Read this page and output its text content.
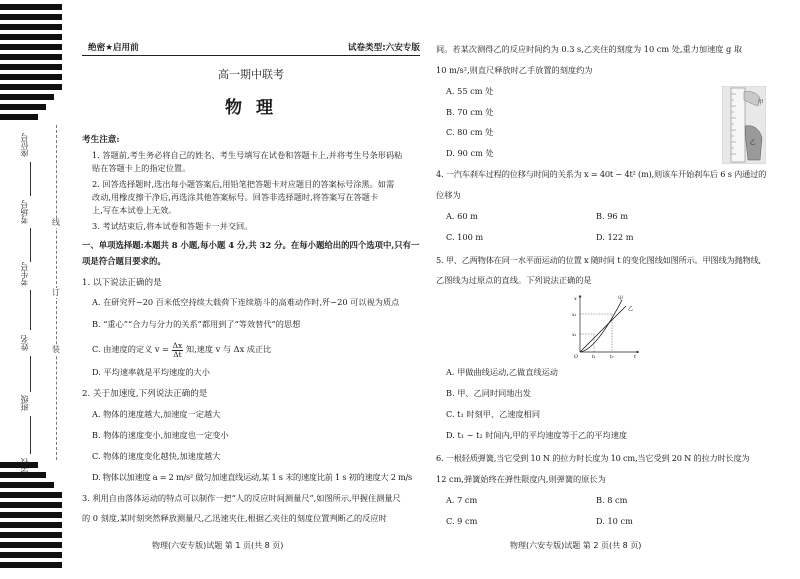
座位号
考场号
考生号
姓名
班级
学校
线
订
装
绝密★启用前	试卷类型:六安专版
高一期中联考
物 理
考生注意:
1. 答题前,考生务必将自己的姓名、考生号填写在试卷和答题卡上,并将考生号条形码粘
贴在答题卡上的指定位置。
2. 回答选择题时,选出每小题答案后,用铅笔把答题卡对应题目的答案标号涂黑。如需
改动,用橡皮擦干净后,再选涂其他答案标号。回答非选择题时,将答案写在答题卡
上,写在本试卷上无效。
3. 考试结束后,将本试卷和答题卡一并交回。
一、单项选择题:本题共 8 小题,每小题 4 分,共 32 分。在每小题给出的四个选项中,只有一
项是符合题目要求的。
1. 以下说法正确的是
A. 在研究歼−20 百米低空持续大载荷下连续筋斗的高难动作时,歼−20 可以视为质点
B. “重心”“合力与分力的关系”都用到了“等效替代”的思想
C. 由速度的定义 $v = \frac{\Delta x}{\Delta t}$ 知,速度 v 与 Δx 成正比
D. 平均速率就是平均速度的大小
2. 关于加速度,下列说法正确的是
A. 物体的速度越大,加速度一定越大
B. 物体的速度变小,加速度也一定变小
C. 物体的速度变化越快,加速度越大
D. 物体以加速度 a = 2 m/s² 做匀加速直线运动,某 1 s 末的速度比前 1 s 初的速度大 2 m/s
3. 利用自由落体运动的特点可以制作一把“人的反应时间测量尺”,如图所示,甲握住测量尺
的 0 刻度,某时刻突然释放测量尺,乙迅速夹住,根据乙夹住的刻度位置判断乙的反应时
物理(六安专版)试题 第 1 页(共 8 页)
间。若某次测得乙的反应时间约为 0.3 s,乙夹住的刻度为 10 cm 处,重力加速度 g 取
10 m/s²,则直尺释放时乙手放置的刻度约为
A. 55 cm 处
B. 70 cm 处
C. 80 cm 处
D. 90 cm 处
甲
乙
4. 一汽车刹车过程的位移与时间的关系为 x = 40t − 4t² (m),则该车开始刹车后 6 s 内通过的
位移为
A. 60 m	B. 96 m
C. 100 m	D. 122 m
5. 甲、乙两物体在同一水平面运动的位置 x 随时间 t 的变化图线如图所示。甲图线为抛物线,
乙图线为过原点的直线。下列说法正确的是
x
x₂
x₁
O	t₁	t₂	t
甲
乙
A. 甲做曲线运动,乙做直线运动
B. 甲、乙同时同地出发
C. t₁ 时刻甲、乙速度相同
D. t₁ ~ t₂ 时间内,甲的平均速度等于乙的平均速度
6. 一根轻质弹簧,当它受到 10 N 的拉力时长度为 10 cm,当它受到 20 N 的拉力时长度为
12 cm,弹簧始终在弹性限度内,则弹簧的原长为
A. 7 cm	B. 8 cm
C. 9 cm	D. 10 cm
物理(六安专版)试题 第 2 页(共 8 页)
